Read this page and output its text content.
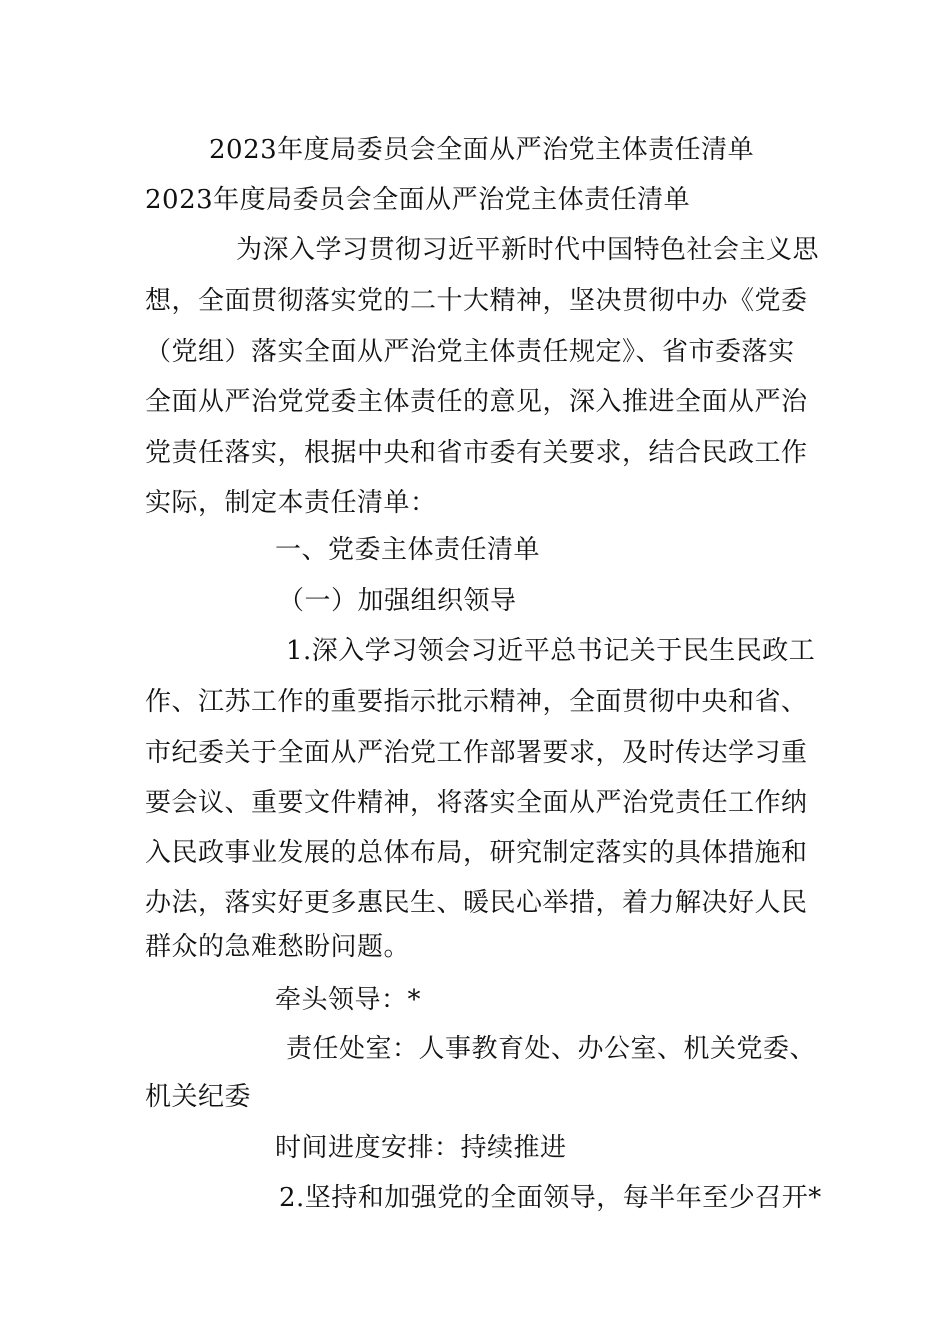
2023年度局委员会全面从严治党主体责任清单
2023年度局委员会全面从严治党主体责任清单
为深入学习贯彻习近平新时代中国特色社会主义思
想，全面贯彻落实党的二十大精神，坚决贯彻中办《党委
（党组）落实全面从严治党主体责任规定》、省市委落实
全面从严治党党委主体责任的意见，深入推进全面从严治
党责任落实，根据中央和省市委有关要求，结合民政工作
实际，制定本责任清单：
一、党委主体责任清单
（一）加强组织领导
1.深入学习领会习近平总书记关于民生民政工
作、江苏工作的重要指示批示精神，全面贯彻中央和省、
市纪委关于全面从严治党工作部署要求，及时传达学习重
要会议、重要文件精神，将落实全面从严治党责任工作纳
入民政事业发展的总体布局，研究制定落实的具体措施和
办法，落实好更多惠民生、暖民心举措，着力解决好人民
群众的急难愁盼问题。
牵头领导：*
责任处室：人事教育处、办公室、机关党委、
机关纪委
时间进度安排：持续推进
2.坚持和加强党的全面领导，每半年至少召开*
